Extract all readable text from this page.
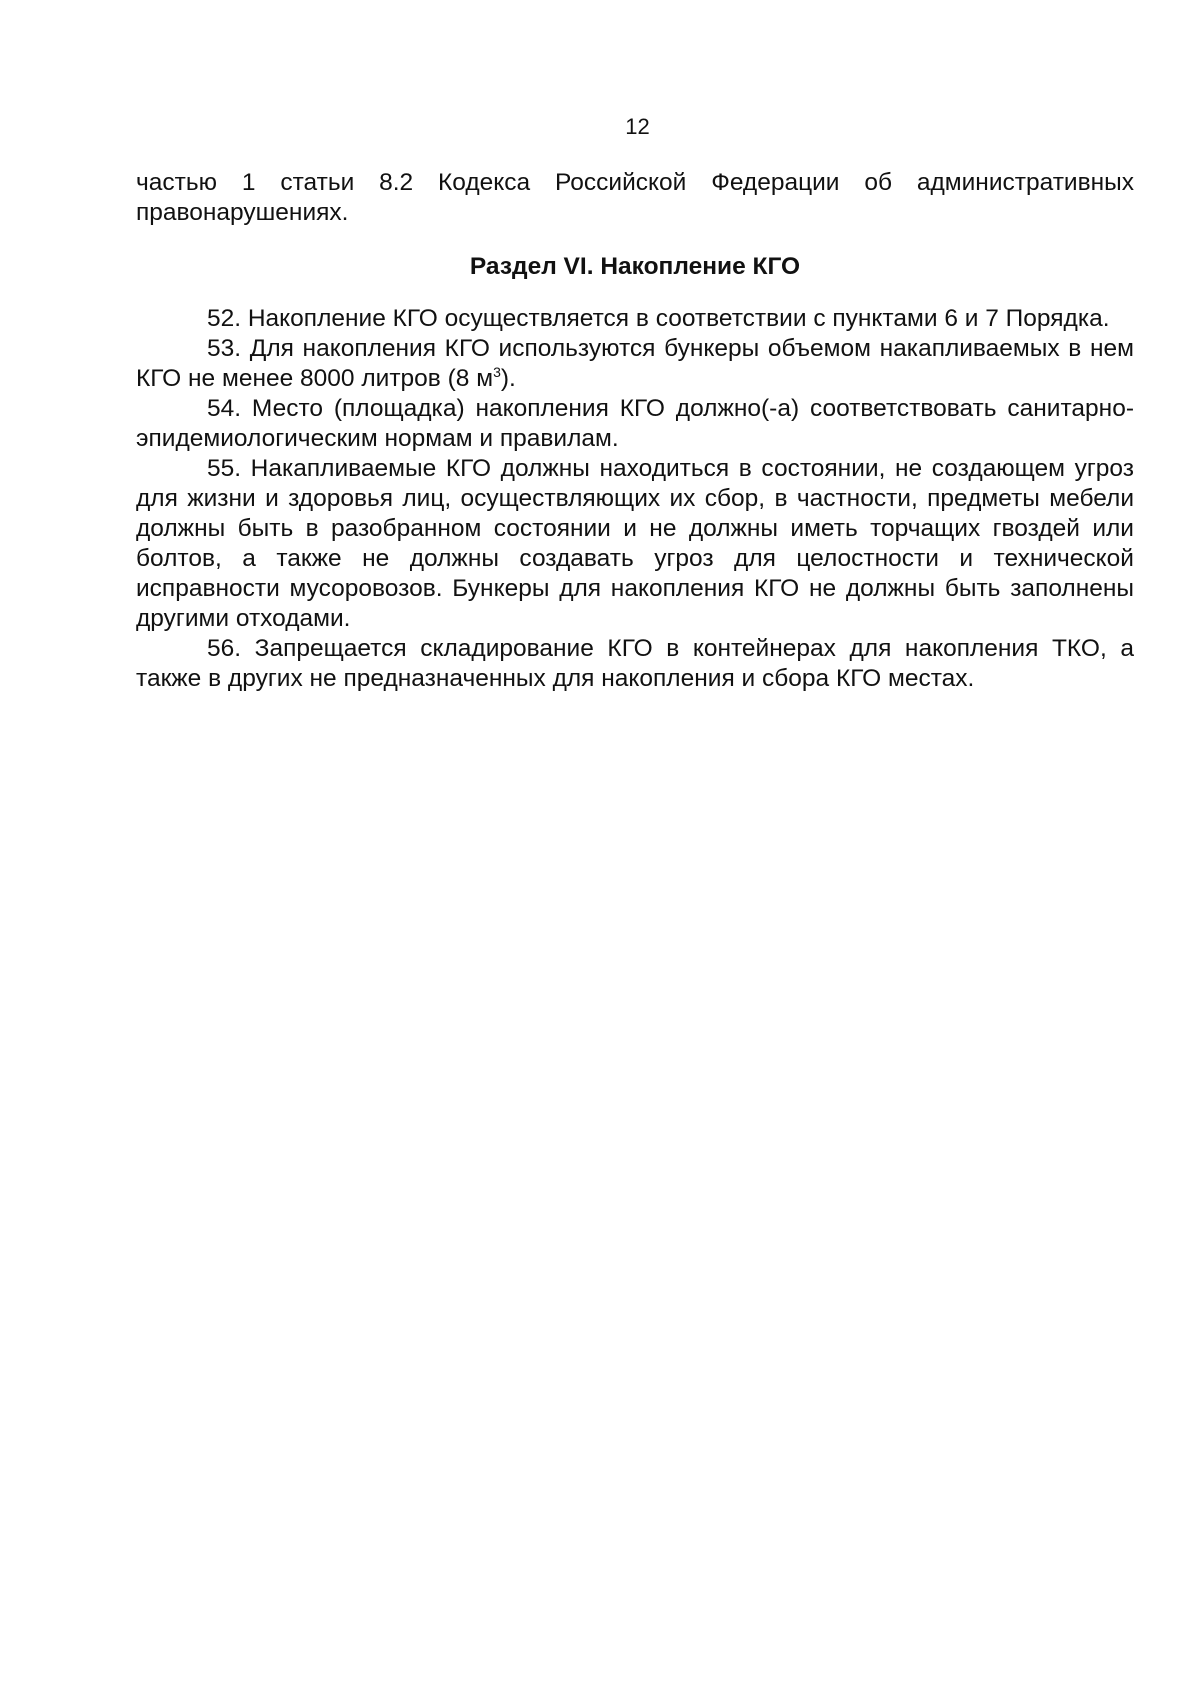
12

частью 1 статьи 8.2 Кодекса Российской Федерации об административных правонарушениях.

Раздел VI. Накопление КГО

52. Накопление КГО осуществляется в соответствии с пунктами 6 и 7 Порядка.

53. Для накопления КГО используются бункеры объемом накапливаемых в нем КГО не менее 8000 литров (8 $м^3$).

54. Место (площадка) накопления КГО должно(-а) соответствовать санитарно-эпидемиологическим нормам и правилам.

55. Накапливаемые КГО должны находиться в состоянии, не создающем угроз для жизни и здоровья лиц, осуществляющих их сбор, в частности, предметы мебели должны быть в разобранном состоянии и не должны иметь торчащих гвоздей или болтов, а также не должны создавать угроз для целостности и технической исправности мусоровозов. Бункеры для накопления КГО не должны быть заполнены другими отходами.

56. Запрещается складирование КГО в контейнерах для накопления ТКО, а также в других не предназначенных для накопления и сбора КГО местах.
